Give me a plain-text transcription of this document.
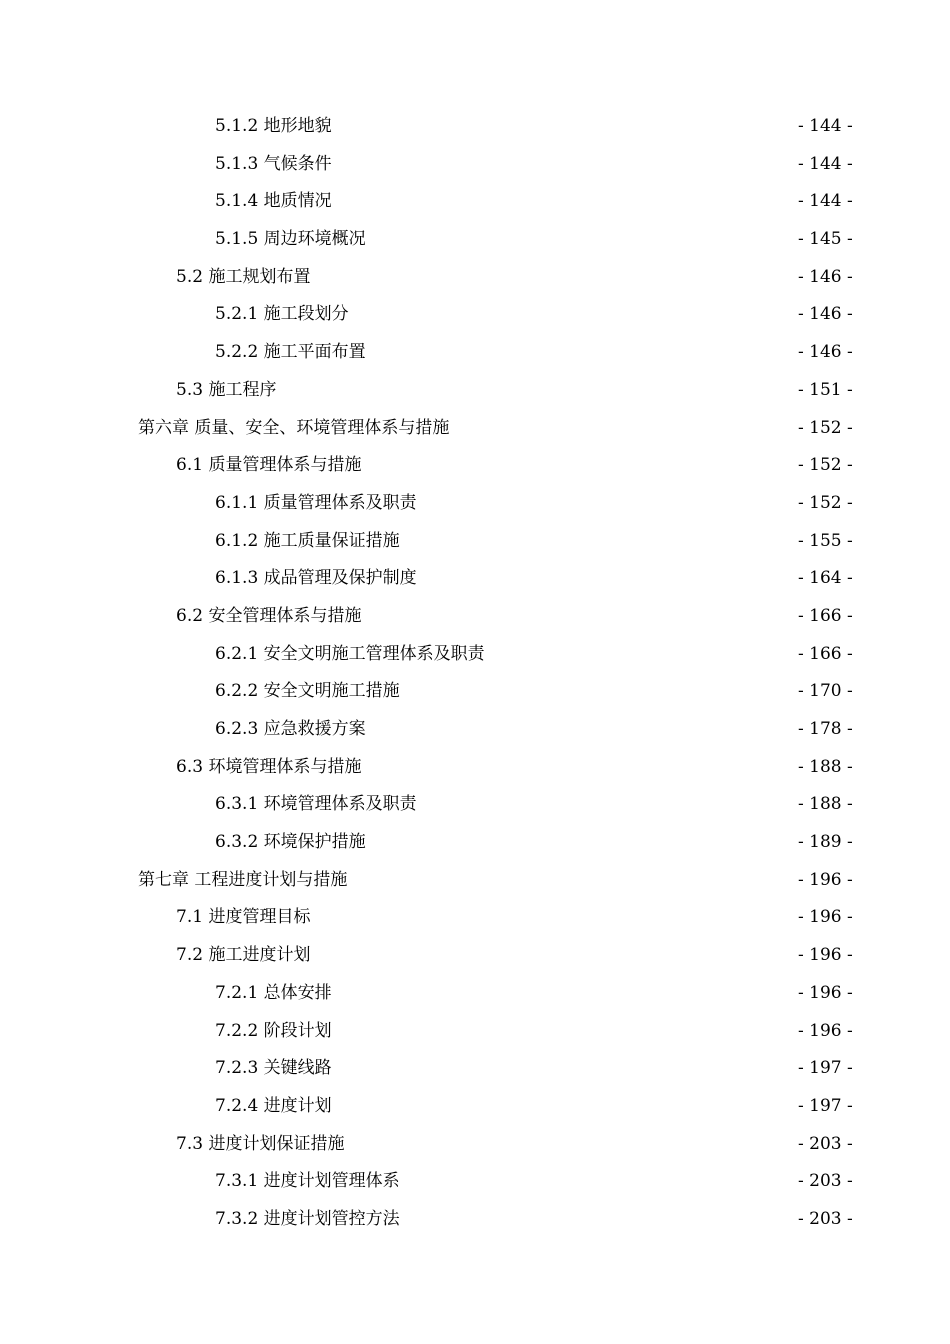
5.1.2 地形地貌 .....	- 144 -
5.1.3 气候条件 .....	- 144 -
5.1.4 地质情况 .....	- 144 -
5.1.5 周边环境概况 .....	- 145 -
5.2 施工规划布置 .....	- 146 -
5.2.1 施工段划分 .....	- 146 -
5.2.2 施工平面布置 .....	- 146 -
5.3 施工程序 .....	- 151 -
第六章 质量、安全、环境管理体系与措施 .....	- 152 -
6.1 质量管理体系与措施 .....	- 152 -
6.1.1 质量管理体系及职责 .....	- 152 -
6.1.2 施工质量保证措施 .....	- 155 -
6.1.3 成品管理及保护制度 .....	- 164 -
6.2 安全管理体系与措施 .....	- 166 -
6.2.1 安全文明施工管理体系及职责 .....	- 166 -
6.2.2 安全文明施工措施 .....	- 170 -
6.2.3 应急救援方案 .....	- 178 -
6.3 环境管理体系与措施 .....	- 188 -
6.3.1 环境管理体系及职责 .....	- 188 -
6.3.2 环境保护措施 .....	- 189 -
第七章 工程进度计划与措施 .....	- 196 -
7.1 进度管理目标 .....	- 196 -
7.2 施工进度计划 .....	- 196 -
7.2.1 总体安排 .....	- 196 -
7.2.2 阶段计划 .....	- 196 -
7.2.3 关键线路 .....	- 197 -
7.2.4 进度计划 .....	- 197 -
7.3 进度计划保证措施 .....	- 203 -
7.3.1 进度计划管理体系 .....	- 203 -
7.3.2 进度计划管控方法 .....	- 203 -
